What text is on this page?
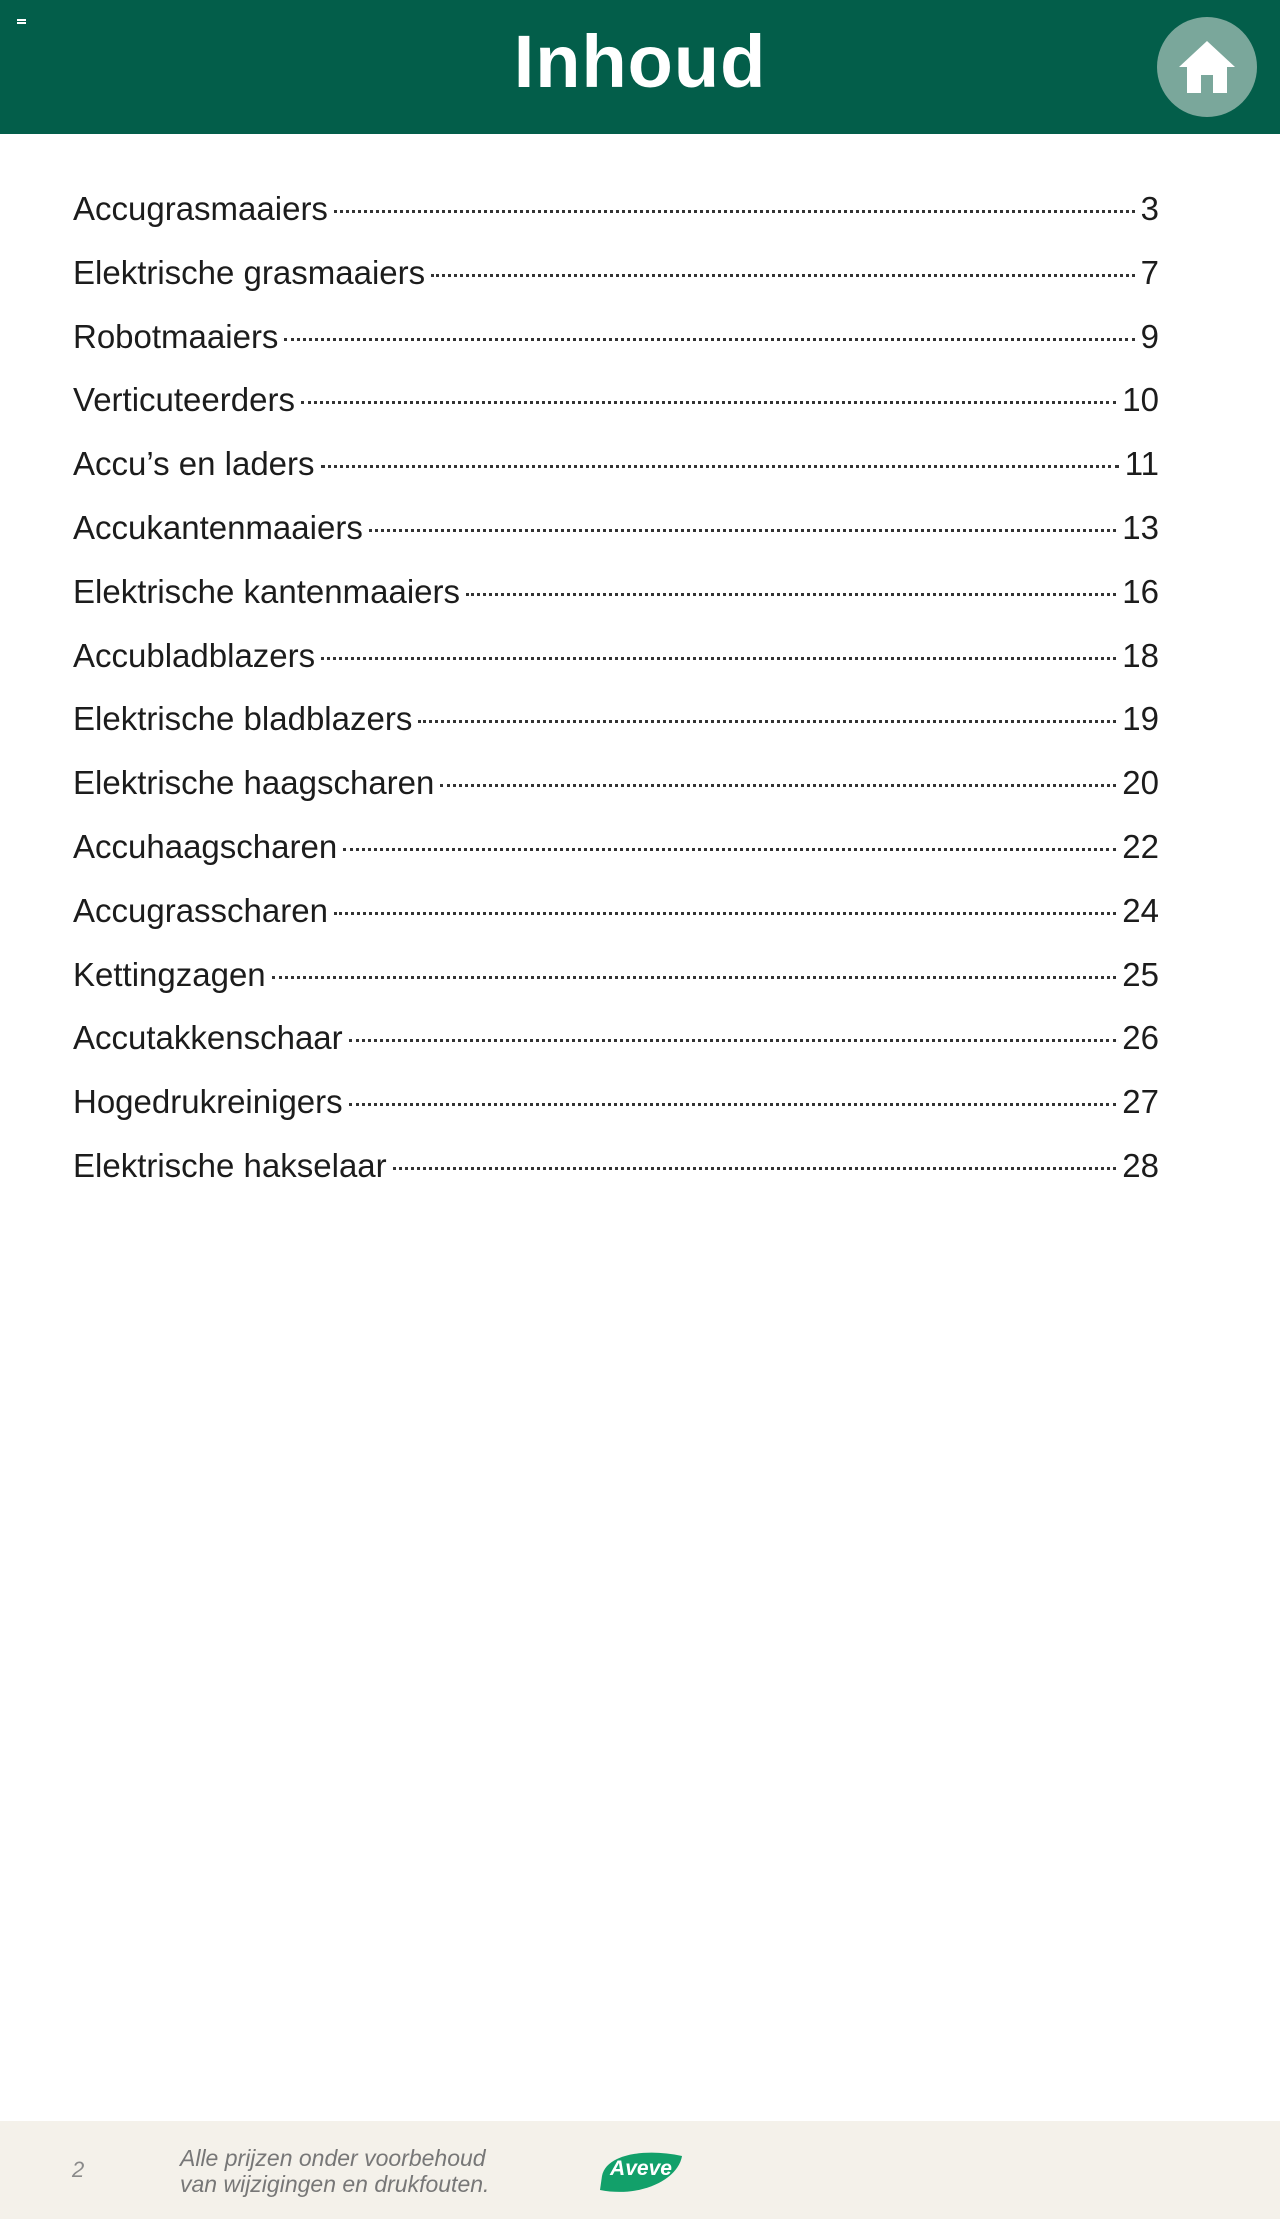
Inhoud
Accugrasmaaiers	3
Elektrische grasmaaiers	7
Robotmaaiers	9
Verticuteerders	10
Accu’s en laders	11
Accukantenmaaiers	13
Elektrische kantenmaaiers	16
Accubladblazers	18
Elektrische bladblazers	19
Elektrische haagscharen	20
Accuhaagscharen	22
Accugrasscharen	24
Kettingzagen	25
Accutakkenschaar	26
Hogedrukreinigers	27
Elektrische hakselaar	28
2	Alle prijzen onder voorbehoud
van wijzigingen en drukfouten.
Aveve
